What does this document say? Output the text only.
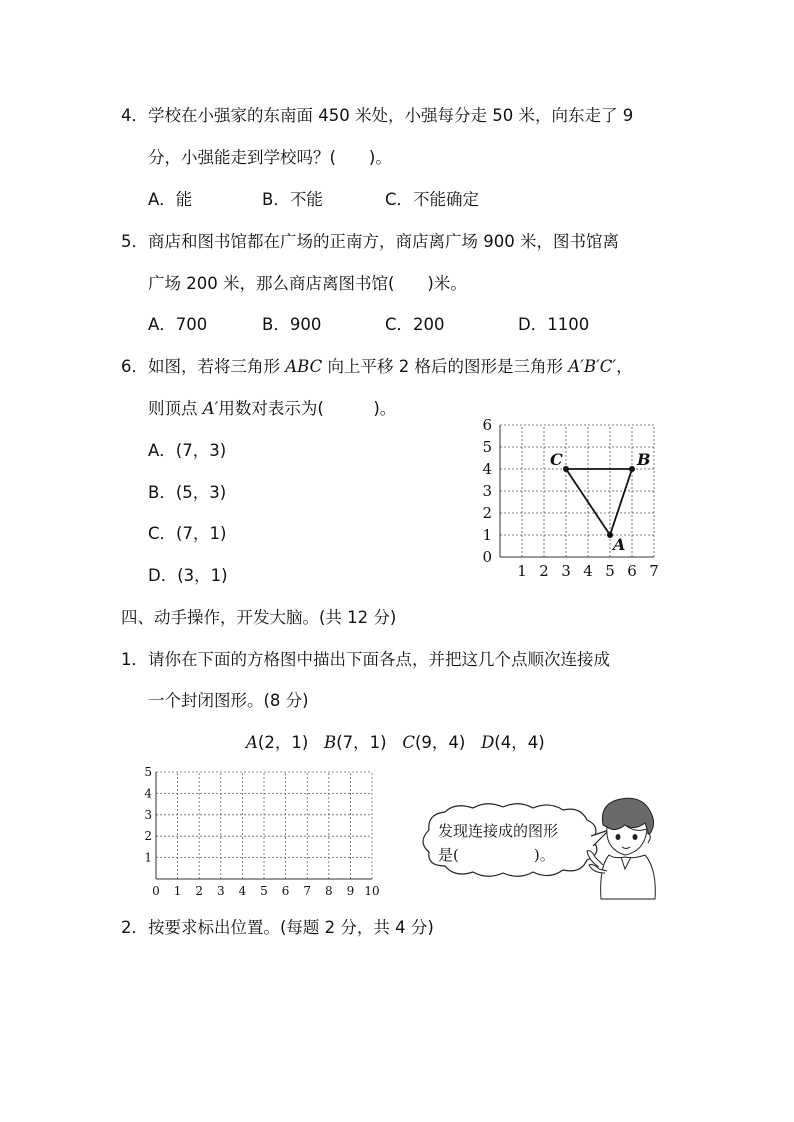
4．学校在小强家的东南面 450 米处，小强每分走 50 米，向东走了 9
分，小强能走到学校吗？(　　)。
A．能	B．不能	C．不能确定
5．商店和图书馆都在广场的正南方，商店离广场 900 米，图书馆离
广场 200 米，那么商店离图书馆(　　)米。
A．700	B．900	C．200	D．1100
6．如图，若将三角形 ABC 向上平移 2 格后的图形是三角形 A′B′C′，
则顶点 A′用数对表示为(　　　)。
A．(7，3)
B．(5，3)
C．(7，1)
D．(3，1)	1 2 3 4 5 6 7
0
1
2
3
4
5
6
A
B
C
四、动手操作，开发大脑。(共 12 分)
1．请你在下面的方格图中描出下面各点，并把这几个点顺次连接成
一个封闭图形。(8 分)
A(2，1) B(7，1) C(9，4) D(4，4)
0 1 2 3 4 5 6 7 8 9 10
1
2
3
4
5
发现连接成的图形
是(　　　　　)。
2．按要求标出位置。(每题 2 分，共 4 分)
